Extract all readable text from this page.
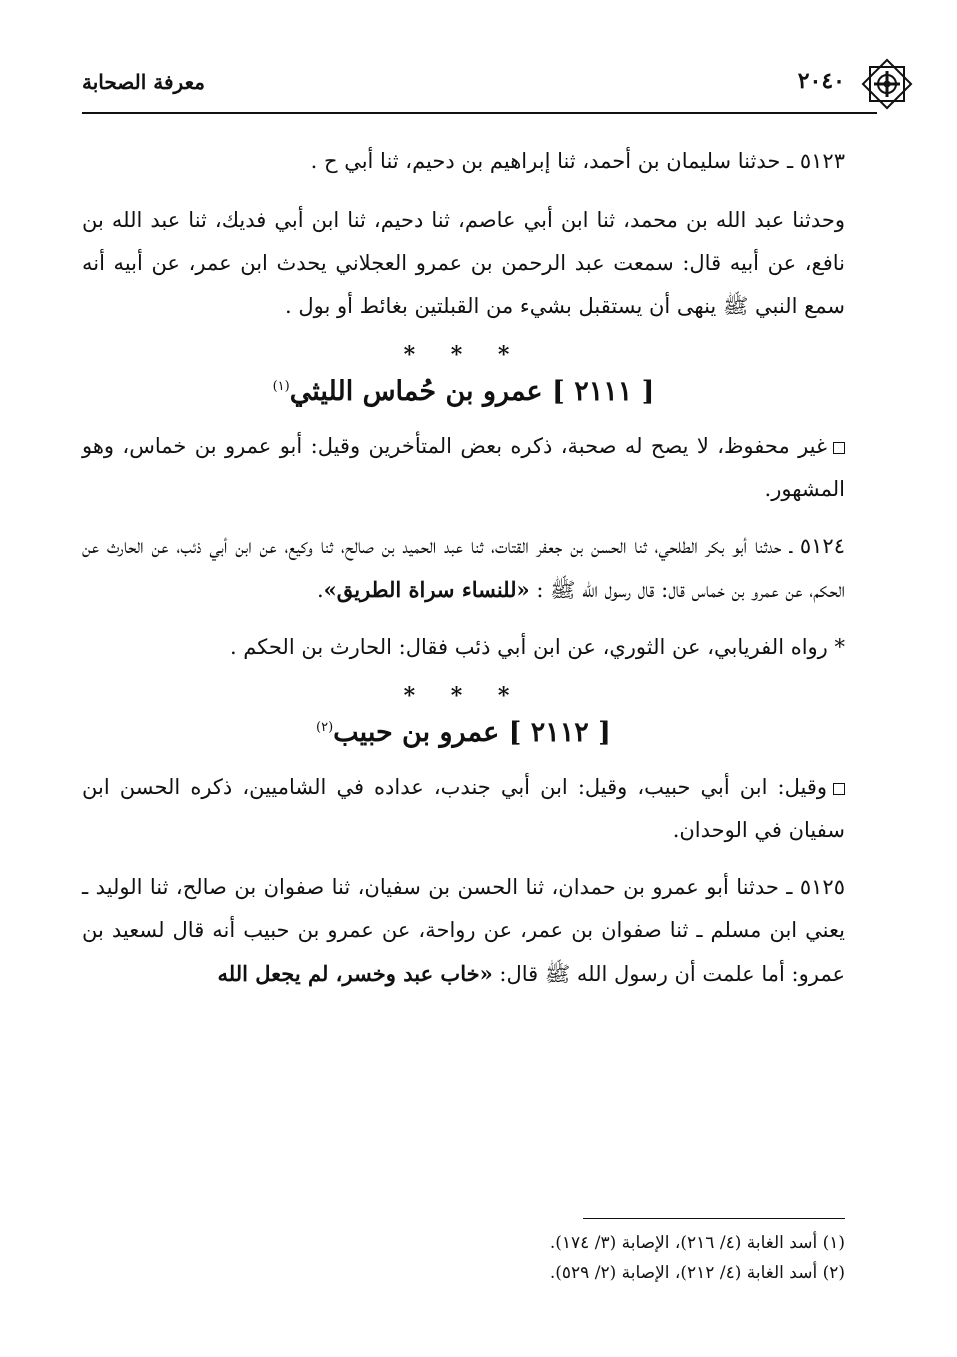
٢٠٤٠
معرفة الصحابة

٥١٢٣ ـ حدثنا سليمان بن أحمد، ثنا إبراهيم بن دحيم، ثنا أبي ح .

وحدثنا عبد الله بن محمد، ثنا ابن أبي عاصم، ثنا دحيم، ثنا ابن أبي فديك، ثنا عبد الله بن نافع، عن أبيه قال: سمعت عبد الرحمن بن عمرو العجلاني يحدث ابن عمر، عن أبيه أنه سمع النبي ﷺ ينهى أن يستقبل بشيء من القبلتين بغائط أو بول .

* * *
[ ٢١١١ ] عمرو بن حُماس الليثي$^{(١)}$

غير محفوظ، لا يصح له صحبة، ذكره بعض المتأخرين وقيل: أبو عمرو بن خماس، وهو المشهور.

٥١٢٤ ـ حدثنا أبو بكر الطلحي، ثنا الحسن بن جعفر القتات، ثنا عبد الحميد بن صالح، ثنا وكيع، عن ابن أبي ذئب، عن الحارث عن الحكم، عن عمرو بن خماس قال: قال رسول الله ﷺ : «للنساء سراة الطريق».

* رواه الفريابي، عن الثوري، عن ابن أبي ذئب فقال: الحارث بن الحكم .

* * *
[ ٢١١٢ ] عمرو بن حبيب$^{(٢)}$

وقيل: ابن أبي حبيب، وقيل: ابن أبي جندب، عداده في الشاميين، ذكره الحسن ابن سفيان في الوحدان.

٥١٢٥ ـ حدثنا أبو عمرو بن حمدان، ثنا الحسن بن سفيان، ثنا صفوان بن صالح، ثنا الوليد ـ يعني ابن مسلم ـ ثنا صفوان بن عمر، عن رواحة، عن عمرو بن حبيب أنه قال لسعيد بن عمرو: أما علمت أن رسول الله ﷺ قال: «خاب عبد وخسر، لم يجعل الله

(١) أسد الغابة (٤/ ٢١٦)، الإصابة (٣/ ١٧٤).
(٢) أسد الغابة (٤/ ٢١٢)، الإصابة (٢/ ٥٢٩).
